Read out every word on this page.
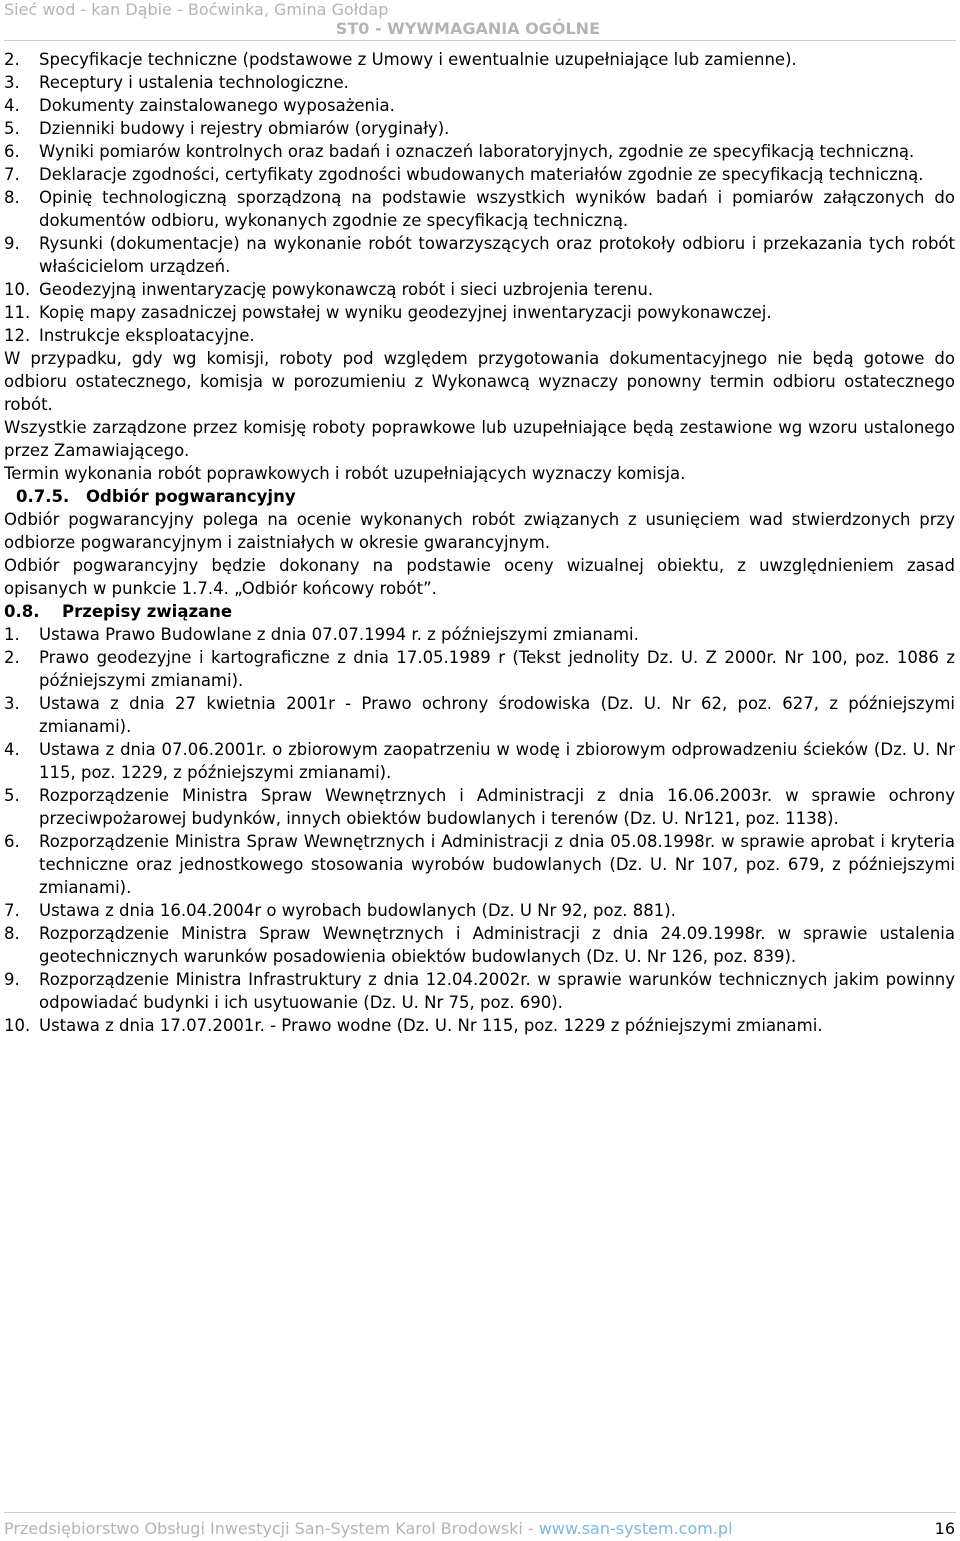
Sieć wod - kan Dąbie - Boćwinka, Gmina Gołdap
ST0 - WYWMAGANIA OGÓLNE
2.	Specyfikacje techniczne (podstawowe z Umowy i ewentualnie uzupełniające lub zamienne).
3.	Receptury i ustalenia technologiczne.
4.	Dokumenty zainstalowanego wyposażenia.
5.	Dzienniki budowy i rejestry obmiarów (oryginały).
6.	Wyniki pomiarów kontrolnych oraz badań i oznaczeń laboratoryjnych, zgodnie ze specyfikacją techniczną.
7.	Deklaracje zgodności, certyfikaty zgodności wbudowanych materiałów zgodnie ze specyfikacją techniczną.
8.	Opinię technologiczną sporządzoną na podstawie wszystkich wyników badań i pomiarów załączonych do dokumentów odbioru, wykonanych zgodnie ze specyfikacją techniczną.
9.	Rysunki (dokumentacje) na wykonanie robót towarzyszących oraz protokoły odbioru i przekazania tych robót właścicielom urządzeń.
10. Geodezyjną inwentaryzację powykonawczą robót i sieci uzbrojenia terenu.
11. Kopię mapy zasadniczej powstałej w wyniku geodezyjnej inwentaryzacji powykonawczej.
12. Instrukcje eksploatacyjne.
W przypadku, gdy wg komisji, roboty pod względem przygotowania dokumentacyjnego nie będą gotowe do odbioru ostatecznego, komisja w porozumieniu z Wykonawcą wyznaczy ponowny termin odbioru ostatecznego robót.
Wszystkie zarządzone przez komisję roboty poprawkowe lub uzupełniające będą zestawione wg wzoru ustalonego przez Zamawiającego.
Termin wykonania robót poprawkowych i robót uzupełniających wyznaczy komisja.
0.7.5. Odbiór pogwarancyjny
Odbiór pogwarancyjny polega na ocenie wykonanych robót związanych z usunięciem wad stwierdzonych przy odbiorze pogwarancyjnym i zaistniałych w okresie gwarancyjnym.
Odbiór pogwarancyjny będzie dokonany na podstawie oceny wizualnej obiektu, z uwzględnieniem zasad opisanych w punkcie 1.7.4. „Odbiór końcowy robót”.
0.8. Przepisy związane
1.	Ustawa Prawo Budowlane z dnia 07.07.1994 r. z późniejszymi zmianami.
2.	Prawo geodezyjne i kartograficzne z dnia 17.05.1989 r (Tekst jednolity Dz. U. Z 2000r. Nr 100, poz. 1086 z późniejszymi zmianami).
3.	Ustawa z dnia 27 kwietnia 2001r - Prawo ochrony środowiska (Dz. U. Nr 62, poz. 627, z późniejszymi zmianami).
4.	Ustawa z dnia 07.06.2001r. o zbiorowym zaopatrzeniu w wodę i zbiorowym odprowadzeniu ścieków (Dz. U. Nr 115, poz. 1229, z późniejszymi zmianami).
5.	Rozporządzenie Ministra Spraw Wewnętrznych i Administracji z dnia 16.06.2003r. w sprawie ochrony przeciwpożarowej budynków, innych obiektów budowlanych i terenów (Dz. U. Nr121, poz. 1138).
6.	Rozporządzenie Ministra Spraw Wewnętrznych i Administracji z dnia 05.08.1998r. w sprawie aprobat i kryteria techniczne oraz jednostkowego stosowania wyrobów budowlanych (Dz. U. Nr 107, poz. 679, z późniejszymi zmianami).
7.	Ustawa z dnia 16.04.2004r o wyrobach budowlanych (Dz. U Nr 92, poz. 881).
8.	Rozporządzenie Ministra Spraw Wewnętrznych i Administracji z dnia 24.09.1998r. w sprawie ustalenia geotechnicznych warunków posadowienia obiektów budowlanych (Dz. U. Nr 126, poz. 839).
9.	Rozporządzenie Ministra Infrastruktury z dnia 12.04.2002r. w sprawie warunków technicznych jakim powinny odpowiadać budynki i ich usytuowanie (Dz. U. Nr 75, poz. 690).
10. Ustawa z dnia 17.07.2001r. - Prawo wodne (Dz. U. Nr 115, poz. 1229 z późniejszymi zmianami.
Przedsiębiorstwo Obsługi Inwestycji San-System Karol Brodowski - www.san-system.com.pl	16
